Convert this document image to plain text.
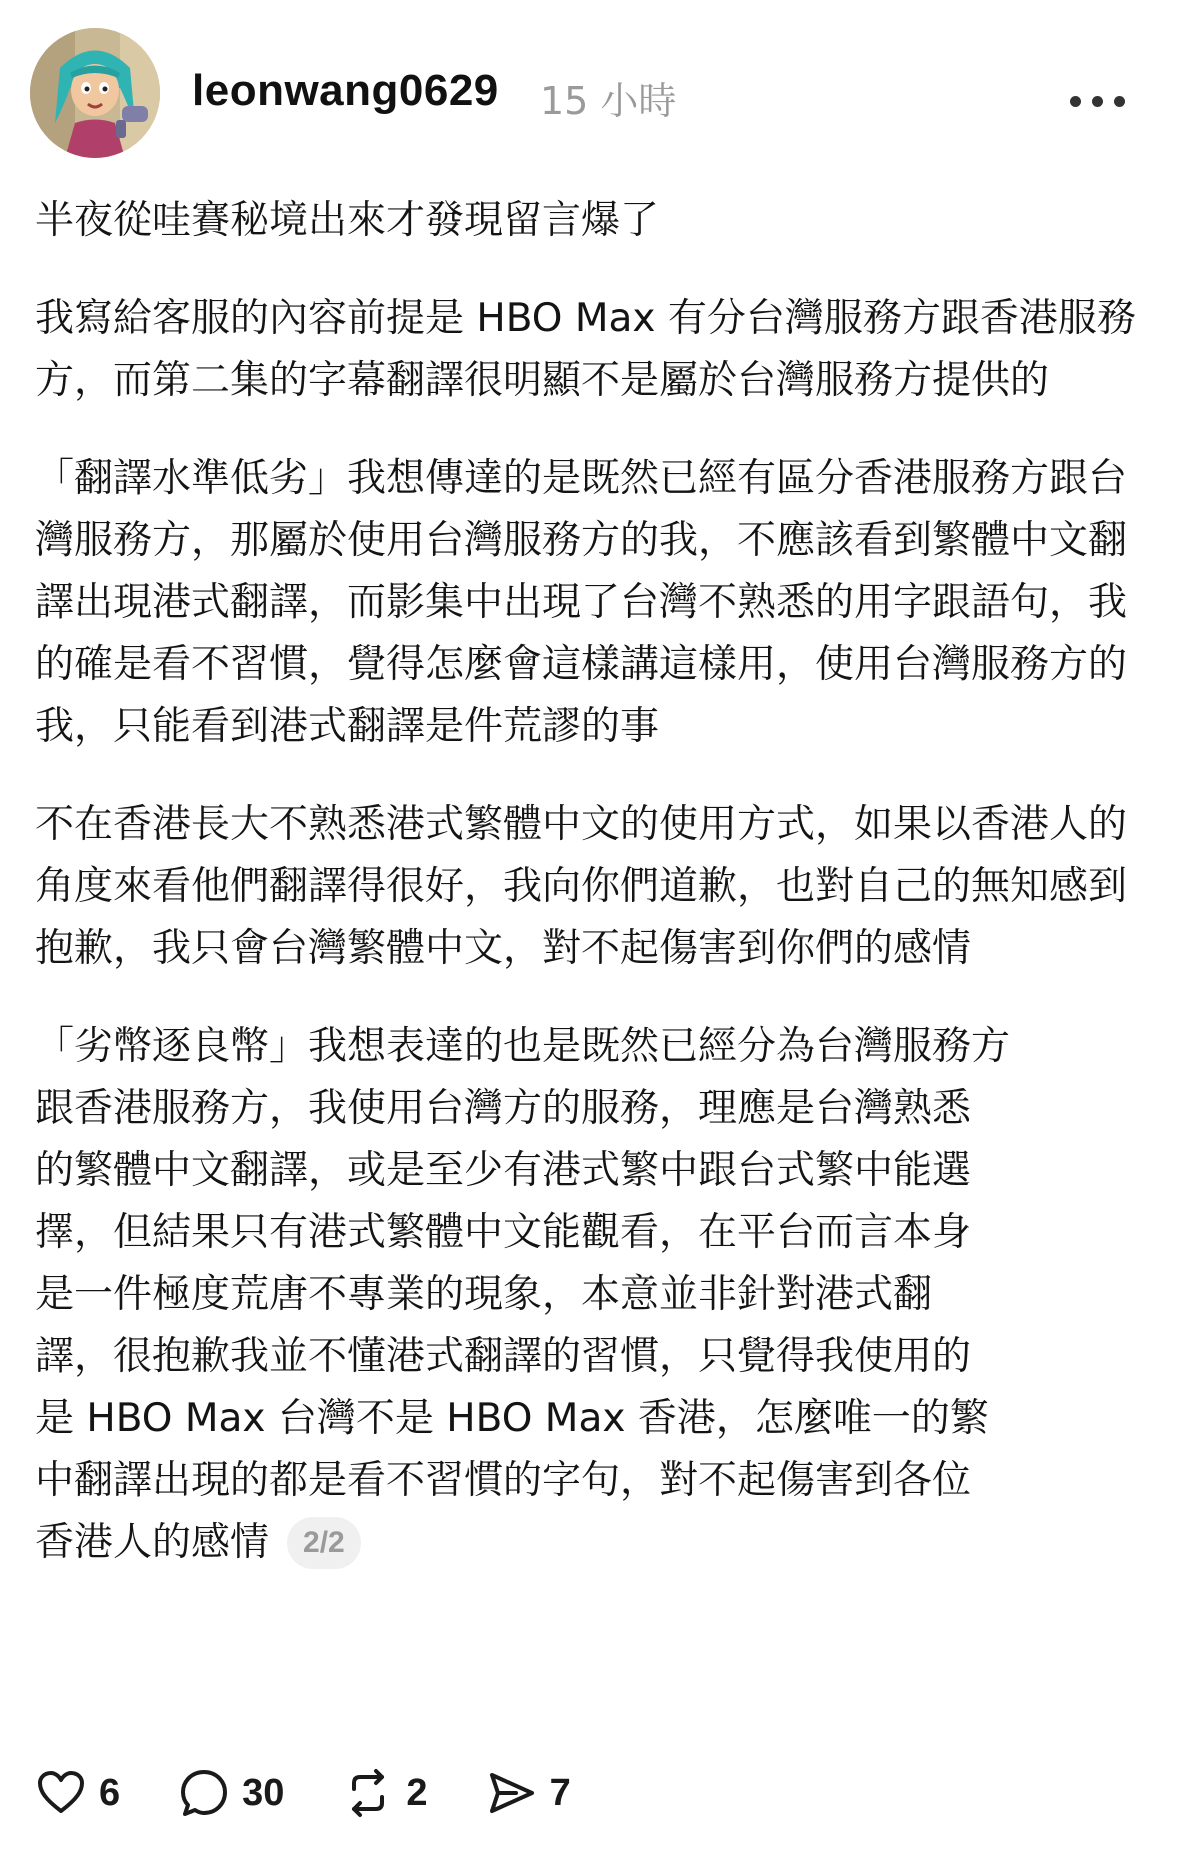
leonwang0629 15 小時

半夜從哇賽秘境出來才發現留言爆了

我寫給客服的內容前提是 HBO Max 有分台灣服務方跟香港服務方，而第二集的字幕翻譯很明顯不是屬於台灣服務方提供的

「翻譯水準低劣」我想傳達的是既然已經有區分香港服務方跟台灣服務方，那屬於使用台灣服務方的我，不應該看到繁體中文翻譯出現港式翻譯，而影集中出現了台灣不熟悉的用字跟語句，我的確是看不習慣，覺得怎麼會這樣講這樣用，使用台灣服務方的我，只能看到港式翻譯是件荒謬的事

不在香港長大不熟悉港式繁體中文的使用方式，如果以香港人的角度來看他們翻譯得很好，我向你們道歉，也對自己的無知感到抱歉，我只會台灣繁體中文，對不起傷害到你們的感情

「劣幣逐良幣」我想表達的也是既然已經分為台灣服務方
跟香港服務方，我使用台灣方的服務，理應是台灣熟悉
的繁體中文翻譯，或是至少有港式繁中跟台式繁中能選
擇，但結果只有港式繁體中文能觀看，在平台而言本身
是一件極度荒唐不專業的現象，本意並非針對港式翻
譯，很抱歉我並不懂港式翻譯的習慣，只覺得我使用的
是 HBO Max 台灣不是 HBO Max 香港，怎麼唯一的繁
中翻譯出現的都是看不習慣的字句，對不起傷害到各位
香港人的感情	2/2
6	30	2	7
